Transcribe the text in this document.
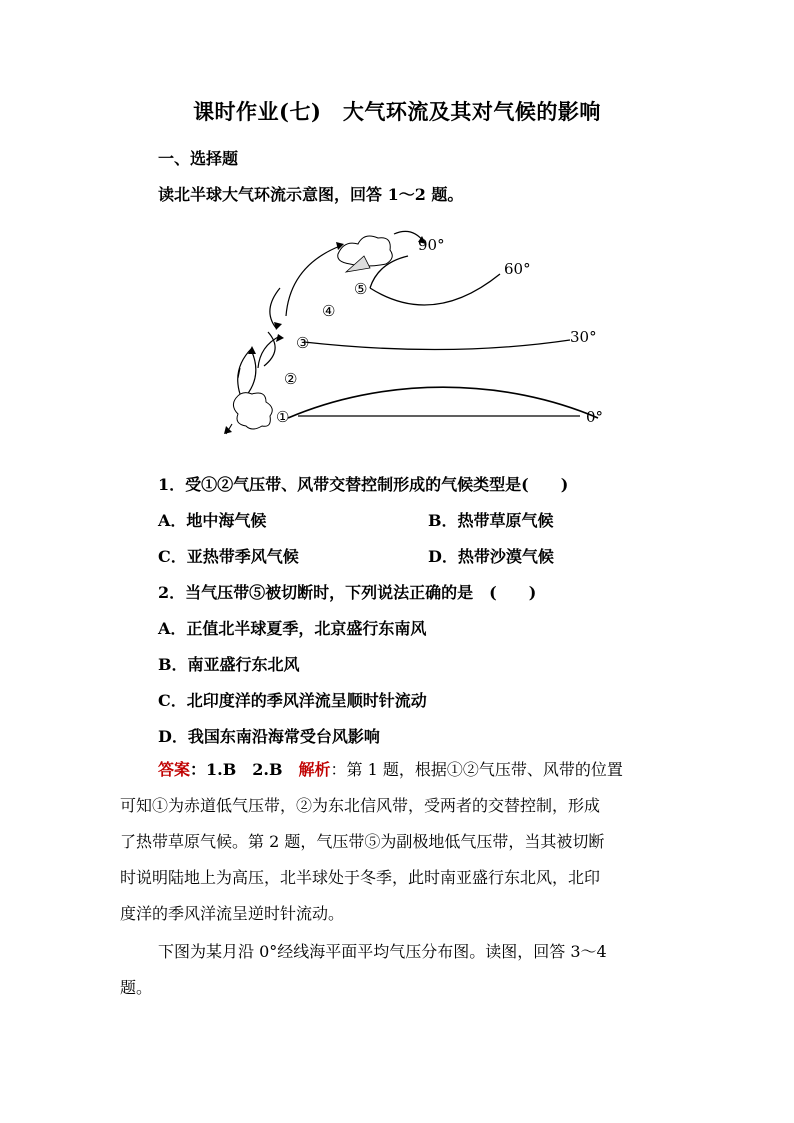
课时作业(七)　大气环流及其对气候的影响
一、选择题
读北半球大气环流示意图，回答 1～2 题。
90°
60°
30°
0°
⑤
④
③
②
①
1．受①②气压带、风带交替控制形成的气候类型是(　　)
A．地中海气候	B．热带草原气候
C．亚热带季风气候	D．热带沙漠气候
2．当气压带⑤被切断时，下列说法正确的是　(　　)
A．正值北半球夏季，北京盛行东南风
B．南亚盛行东北风
C．北印度洋的季风洋流呈顺时针流动
D．我国东南沿海常受台风影响
答案：1.B　2.B　解析：第 1 题，根据①②气压带、风带的位置
可知①为赤道低气压带，②为东北信风带，受两者的交替控制，形成
了热带草原气候。第 2 题，气压带⑤为副极地低气压带，当其被切断
时说明陆地上为高压，北半球处于冬季，此时南亚盛行东北风，北印
度洋的季风洋流呈逆时针流动。
下图为某月沿 0°经线海平面平均气压分布图。读图，回答 3～4
题。
